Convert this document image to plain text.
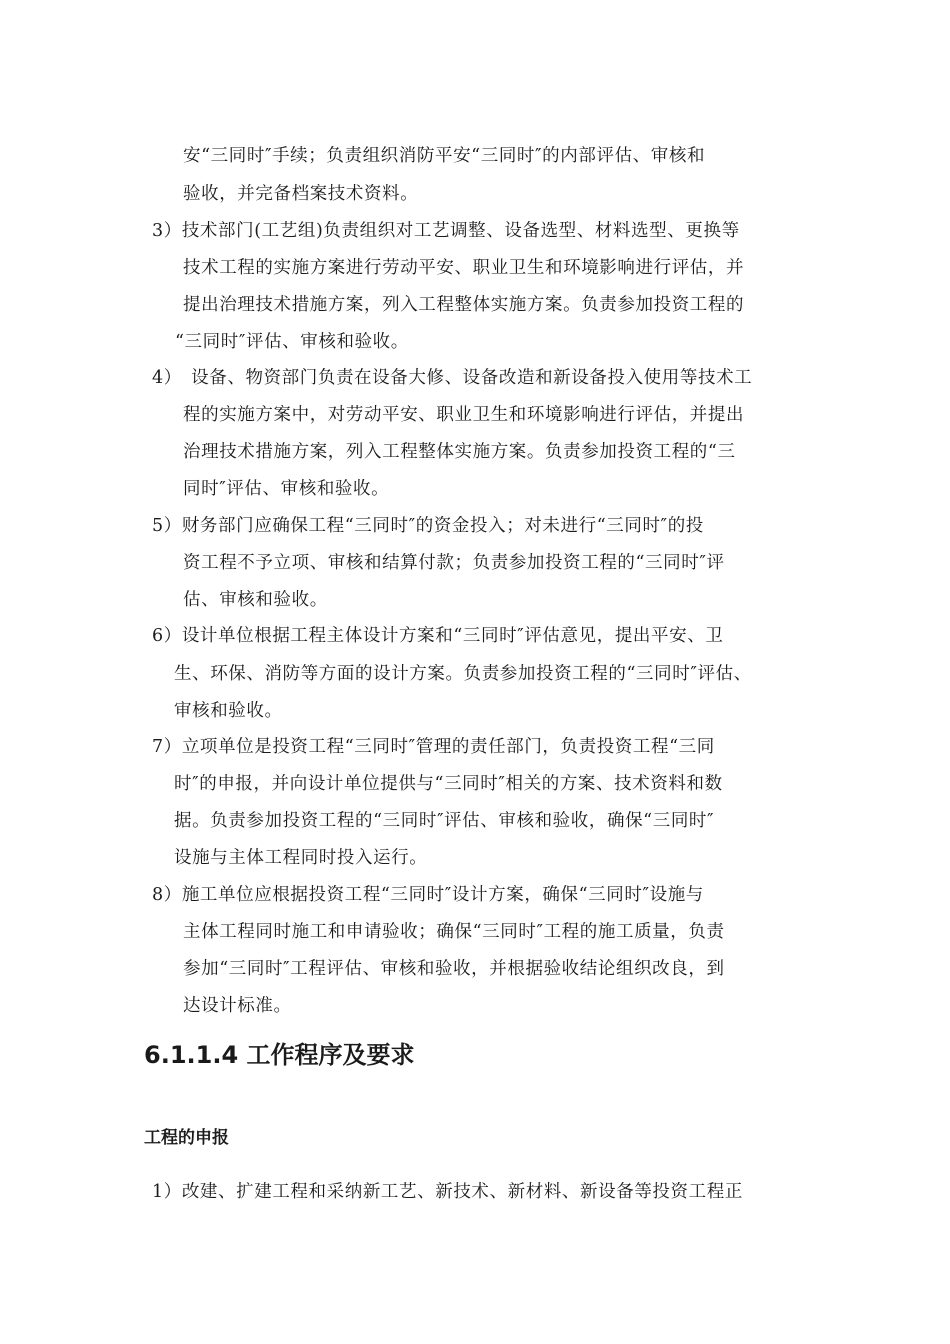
安“三同时″手续；负责组织消防平安“三同时″的内部评估、审核和

验收，并完备档案技术资料。

3）技术部门(工艺组)负责组织对工艺调整、设备选型、材料选型、更换等

技术工程的实施方案进行劳动平安、职业卫生和环境影响进行评估，并

提出治理技术措施方案，列入工程整体实施方案。负责参加投资工程的

“三同时″评估、审核和验收。

4）　设备、物资部门负责在设备大修、设备改造和新设备投入使用等技术工

程的实施方案中，对劳动平安、职业卫生和环境影响进行评估，并提出

治理技术措施方案，列入工程整体实施方案。负责参加投资工程的“三

同时″评估、审核和验收。

5）财务部门应确保工程“三同时″的资金投入；对未进行“三同时″的投

资工程不予立项、审核和结算付款；负责参加投资工程的“三同时″评

估、审核和验收。

6）设计单位根据工程主体设计方案和“三同时″评估意见，提出平安、卫

生、环保、消防等方面的设计方案。负责参加投资工程的“三同时″评估、

审核和验收。

7）立项单位是投资工程“三同时″管理的责任部门，负责投资工程“三同

时″的申报，并向设计单位提供与“三同时″相关的方案、技术资料和数

据。负责参加投资工程的“三同时″评估、审核和验收，确保“三同时″

设施与主体工程同时投入运行。

8）施工单位应根据投资工程“三同时″设计方案，确保“三同时″设施与

主体工程同时施工和申请验收；确保“三同时″工程的施工质量，负责

参加“三同时″工程评估、审核和验收，并根据验收结论组织改良，到

达设计标准。

6.1.1.4 工作程序及要求
工程的申报

1）改建、扩建工程和采纳新工艺、新技术、新材料、新设备等投资工程正
